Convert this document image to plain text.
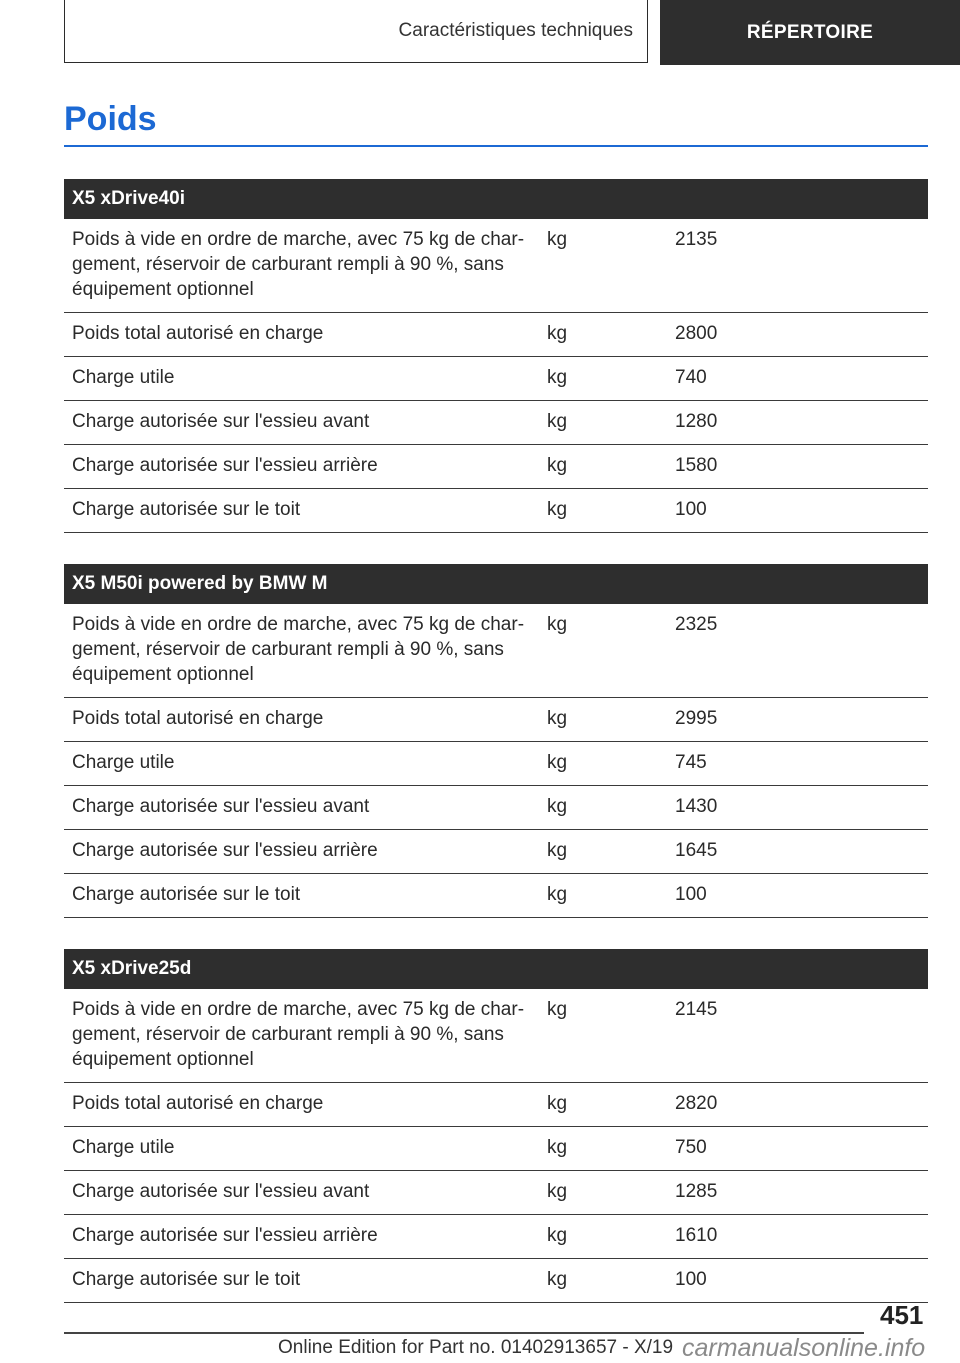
Caractéristiques techniques	RÉPERTOIRE
Poids
X5 xDrive40i		
Poids à vide en ordre de marche, avec 75 kg de char-
gement, réservoir de carburant rempli à 90 %, sans
équipement optionnel	kg	2135
Poids total autorisé en charge	kg	2800
Charge utile	kg	740
Charge autorisée sur l'essieu avant	kg	1280
Charge autorisée sur l'essieu arrière	kg	1580
Charge autorisée sur le toit	kg	100
X5 M50i powered by BMW M		
Poids à vide en ordre de marche, avec 75 kg de char-
gement, réservoir de carburant rempli à 90 %, sans
équipement optionnel	kg	2325
Poids total autorisé en charge	kg	2995
Charge utile	kg	745
Charge autorisée sur l'essieu avant	kg	1430
Charge autorisée sur l'essieu arrière	kg	1645
Charge autorisée sur le toit	kg	100
X5 xDrive25d		
Poids à vide en ordre de marche, avec 75 kg de char-
gement, réservoir de carburant rempli à 90 %, sans
équipement optionnel	kg	2145
Poids total autorisé en charge	kg	2820
Charge utile	kg	750
Charge autorisée sur l'essieu avant	kg	1285
Charge autorisée sur l'essieu arrière	kg	1610
Charge autorisée sur le toit	kg	100
451
Online Edition for Part no. 01402913657 - X/19 carmanualsonline.info
